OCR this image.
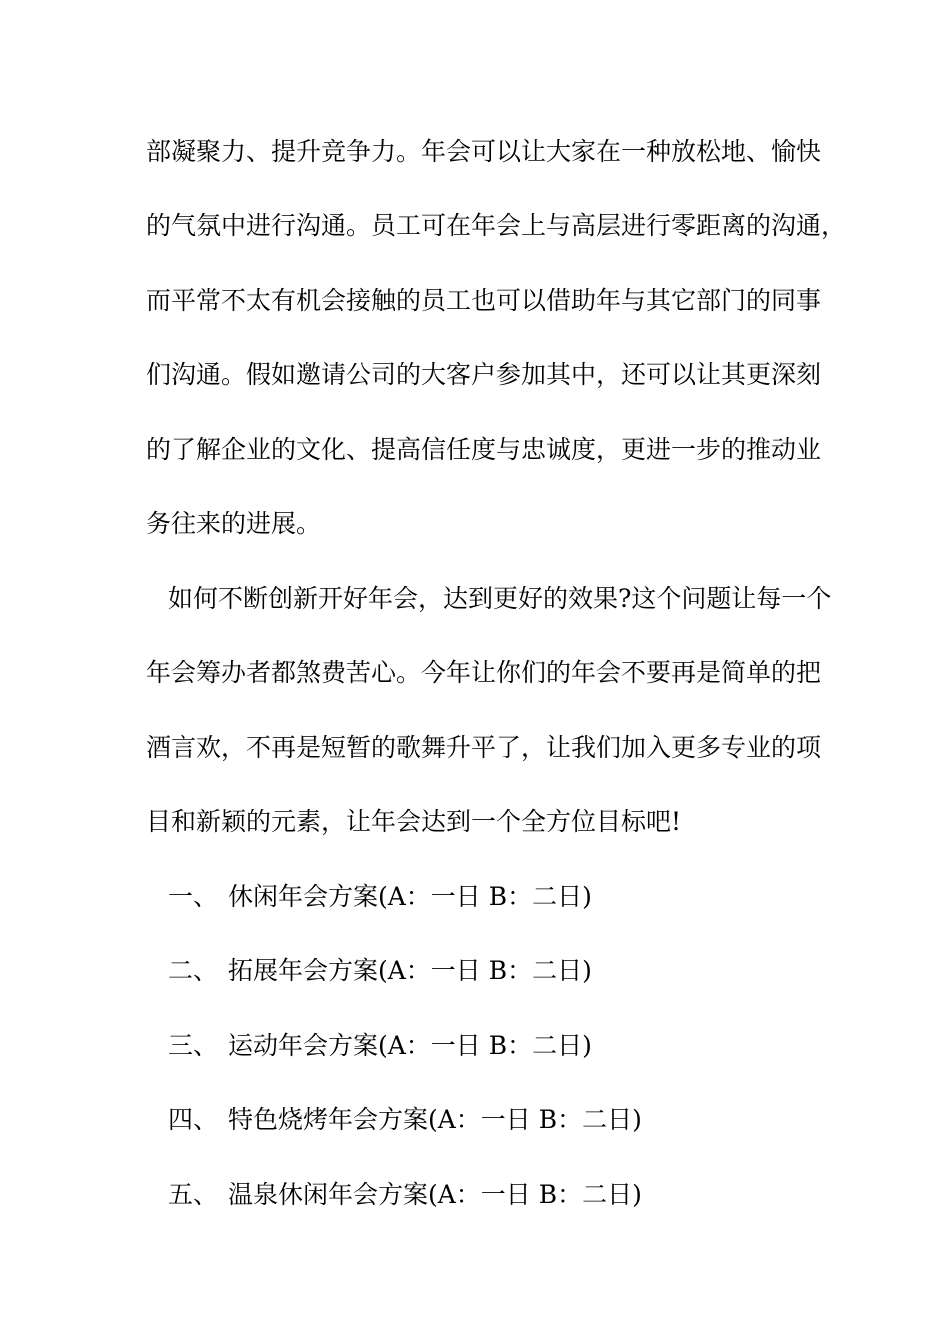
部凝聚力、提升竞争力。年会可以让大家在一种放松地、愉快
的气氛中进行沟通。员工可在年会上与高层进行零距离的沟通，
而平常不太有机会接触的员工也可以借助年与其它部门的同事
们沟通。假如邀请公司的大客户参加其中，还可以让其更深刻
的了解企业的文化、提高信任度与忠诚度，更进一步的推动业
务往来的进展。
如何不断创新开好年会，达到更好的效果?这个问题让每一个
年会筹办者都煞费苦心。今年让你们的年会不要再是简单的把
酒言欢，不再是短暂的歌舞升平了，让我们加入更多专业的项
目和新颖的元素，让年会达到一个全方位目标吧!
一、 休闲年会方案(A：一日 B：二日)
二、 拓展年会方案(A：一日 B：二日)
三、 运动年会方案(A：一日 B：二日)
四、 特色烧烤年会方案(A：一日 B：二日)
五、 温泉休闲年会方案(A：一日 B：二日)
